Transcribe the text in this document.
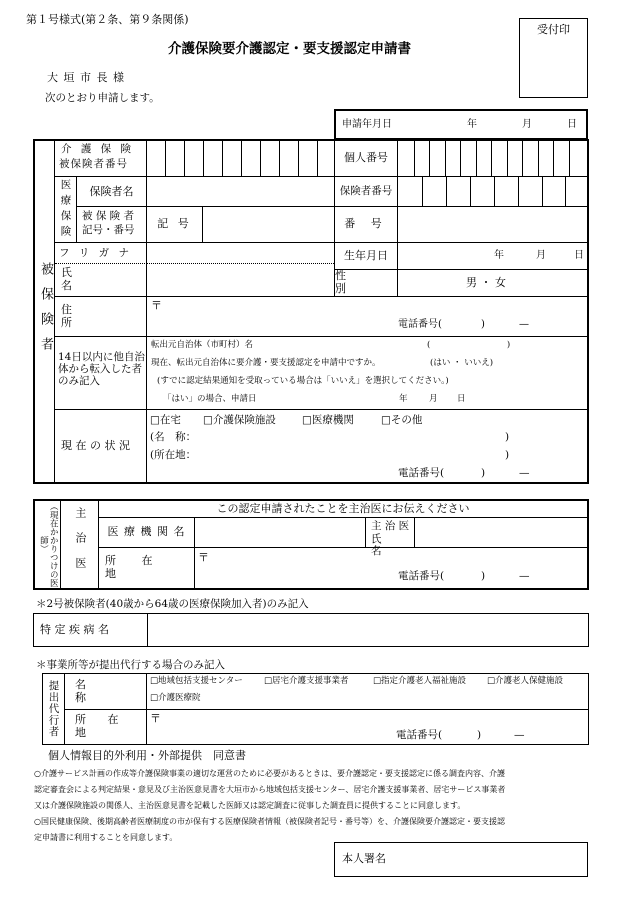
第１号様式(第２条、第９条関係)
受付印
介護保険要介護認定・要支援認定申請書
大 垣 市 長 様
次のとおり申請します。
申請年月日	年	月	日
被保険者
介 護 保 険
被保険者番号	個人番号
医療保険	保険者名	保険者番号
被 保 険 者
記号・番号	記 号	番 号
フ リ ガ ナ
氏 名
生年月日	年	月	日
性 別	男 ・ 女
住 所
〒
電話番号(	)	—
14日以内に他自治
体から転入した者
のみ記入
転出元自治体（市町村）名	(　　　　　　　　　)
現在、転出元自治体に要介護・要支援認定を申請中ですか。	(はい ・ いいえ)
(すでに認定結果通知を受取っている場合は「いいえ」を選択してください。)
「はい」の場合、申請日	年	月 日
現 在 の 状 況
□在宅 □介護保険施設 □医療機関	□その他
(名　称：	)
(所在地：	)
電話番号(	)	—
（現在かかりつけの医師）	主治医	この認定申請されたことを主治医にお伝えください
医 療 機 関 名	主 治 医
氏 名
所 在 地
〒
電話番号(	)	—
＊2号被保険者(40歳から64歳の医療保険加入者)のみ記入
特 定 疾 病 名
＊事業所等が提出代行する場合のみ記入
提出代行者	名 称
□地域包括支援センター	□居宅介護支援事業者	□指定介護老人福祉施設 □介護老人保健施設
□介護医療院
所 在 地
〒
電話番号(	)	—
個人情報目的外利用・外部提供　同意書
○介護サービス計画の作成等介護保険事業の適切な運営のために必要があるときは、要介護認定・要支援認定に係る調査内容、介護
認定審査会による判定結果・意見及び主治医意見書を大垣市から地域包括支援センター、居宅介護支援事業者、居宅サービス事業者
又は介護保険施設の関係人、主治医意見書を記載した医師又は認定調査に従事した調査員に提供することに同意します。
○国民健康保険、後期高齢者医療制度の市が保有する医療保険者情報（被保険者記号・番号等）を、介護保険要介護認定・要支援認
定申請書に利用することを同意します。
本人署名
